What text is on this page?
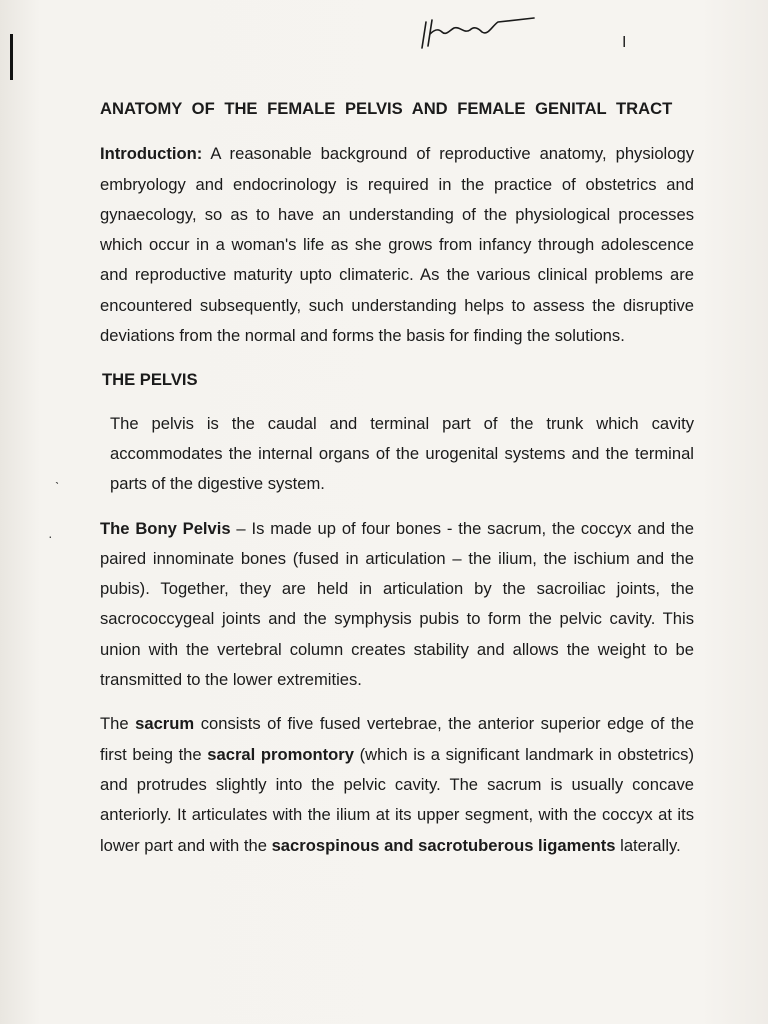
ˎ
·
I
ANATOMY OF THE FEMALE PELVIS AND FEMALE GENITAL TRACT

Introduction: A reasonable background of reproductive anatomy, physiology embryology and endocrinology is required in the practice of obstetrics and gynaecology, so as to have an understanding of the physiological processes which occur in a woman's life as she grows from infancy through adolescence and reproductive maturity upto climateric. As the various clinical problems are encountered subsequently, such understanding helps to assess the disruptive deviations from the normal and forms the basis for finding the solutions.

THE PELVIS

The pelvis is the caudal and terminal part of the trunk which cavity accommodates the internal organs of the urogenital systems and the terminal parts of the digestive system.

The Bony Pelvis – Is made up of four bones - the sacrum, the coccyx and the paired innominate bones (fused in articulation – the ilium, the ischium and the pubis). Together, they are held in articulation by the sacroiliac joints, the sacrococcygeal joints and the symphysis pubis to form the pelvic cavity. This union with the vertebral column creates stability and allows the weight to be transmitted to the lower extremities.

The sacrum consists of five fused vertebrae, the anterior superior edge of the first being the sacral promontory (which is a significant landmark in obstetrics) and protrudes slightly into the pelvic cavity. The sacrum is usually concave anteriorly. It articulates with the ilium at its upper segment, with the coccyx at its lower part and with the sacrospinous and sacrotuberous ligaments laterally.
